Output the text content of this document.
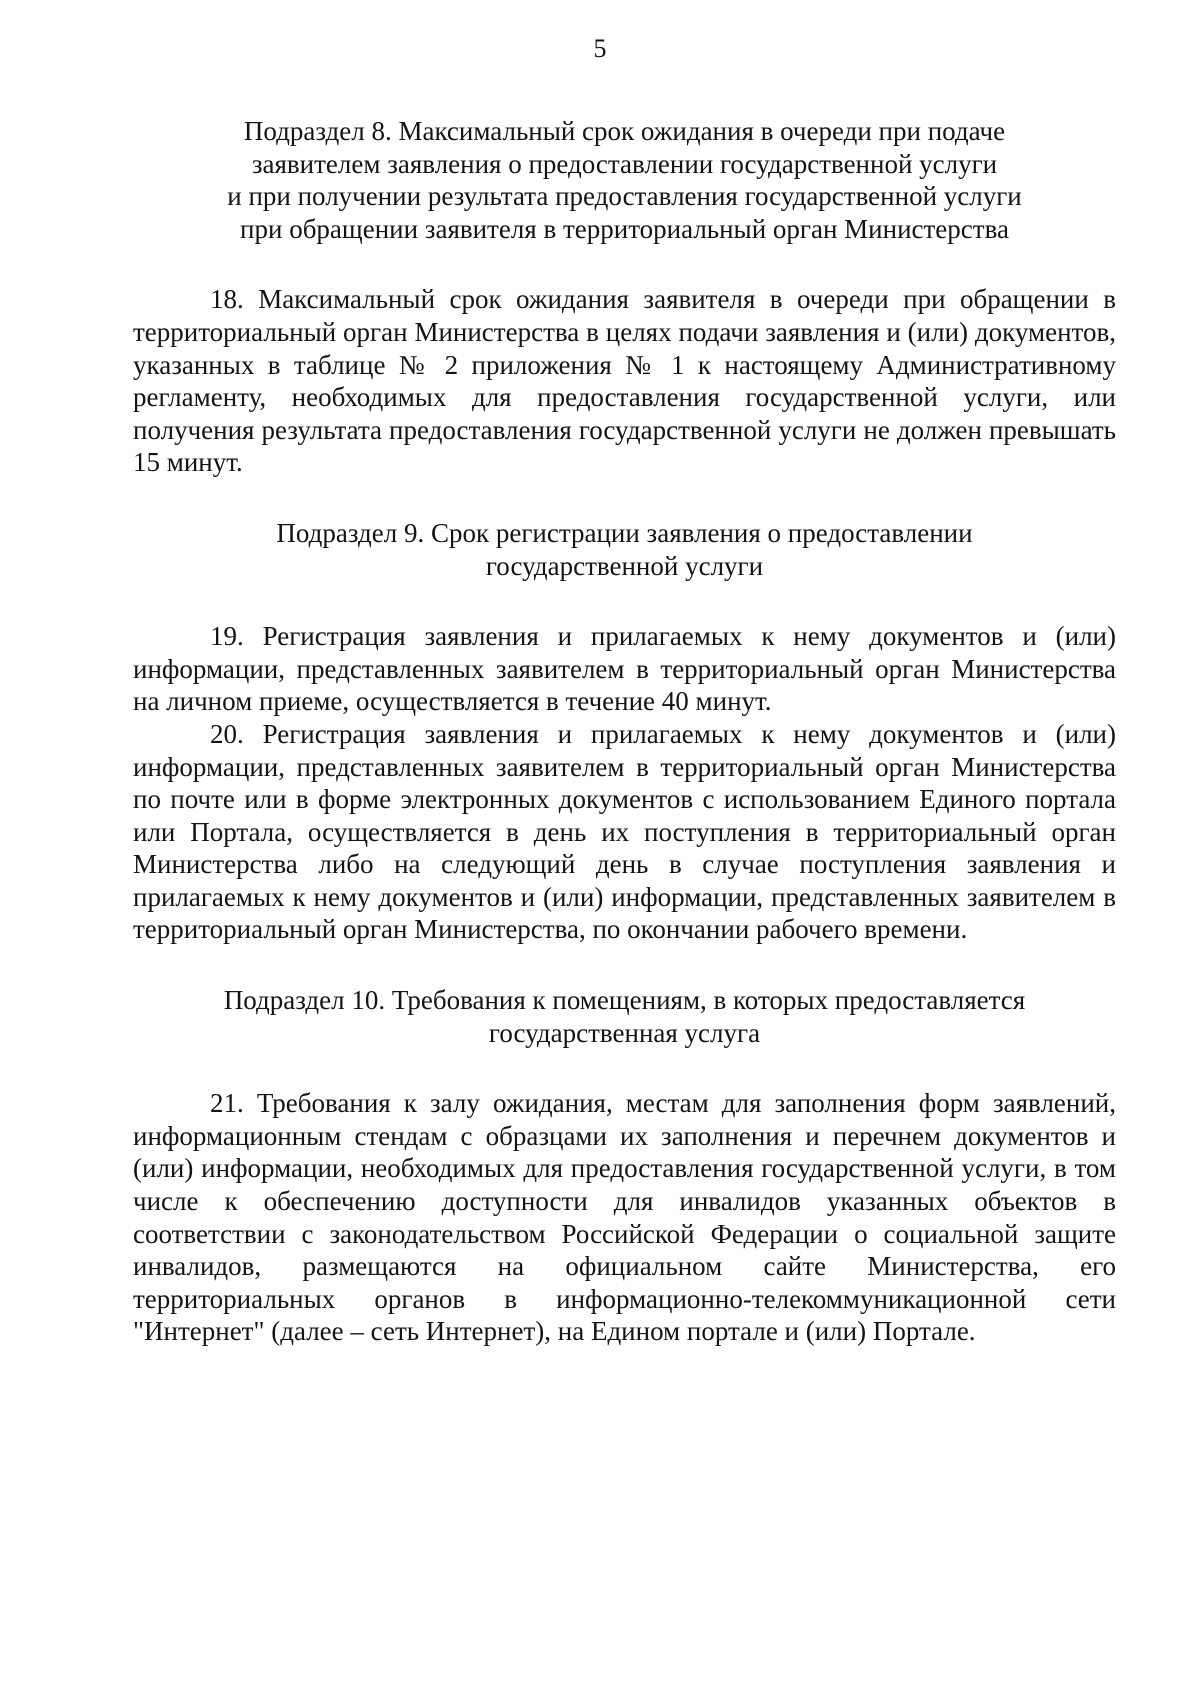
5
Подраздел 8. Максимальный срок ожидания в очереди при подаче
заявителем заявления о предоставлении государственной услуги
и при получении результата предоставления государственной услуги
при обращении заявителя в территориальный орган Министерства

18. Максимальный срок ожидания заявителя в очереди при обращении в территориальный орган Министерства в целях подачи заявления и (или) документов, указанных в таблице № 2 приложения № 1 к настоящему Административному регламенту, необходимых для предоставления государственной услуги, или получения результата предоставления государственной услуги не должен превышать 15 минут.

Подраздел 9. Срок регистрации заявления о предоставлении
государственной услуги

19. Регистрация заявления и прилагаемых к нему документов и (или) информации, представленных заявителем в территориальный орган Министерства на личном приеме, осуществляется в течение 40 минут.

20. Регистрация заявления и прилагаемых к нему документов и (или) информации, представленных заявителем в территориальный орган Министерства по почте или в форме электронных документов с использованием Единого портала или Портала, осуществляется в день их поступления в территориальный орган Министерства либо на следующий день в случае поступления заявления и прилагаемых к нему документов и (или) информации, представленных заявителем в территориальный орган Министерства, по окончании рабочего времени.

Подраздел 10. Требования к помещениям, в которых предоставляется
государственная услуга

21. Требования к залу ожидания, местам для заполнения форм заявлений, информационным стендам с образцами их заполнения и перечнем документов и (или) информации, необходимых для предоставления государственной услуги, в том числе к обеспечению доступности для инвалидов указанных объектов в соответствии с законодательством Российской Федерации о социальной защите инвалидов, размещаются на официальном сайте Министерства, его территориальных органов в информационно-телекоммуникационной сети "Интернет" (далее – сеть Интернет), на Едином портале и (или) Портале.
